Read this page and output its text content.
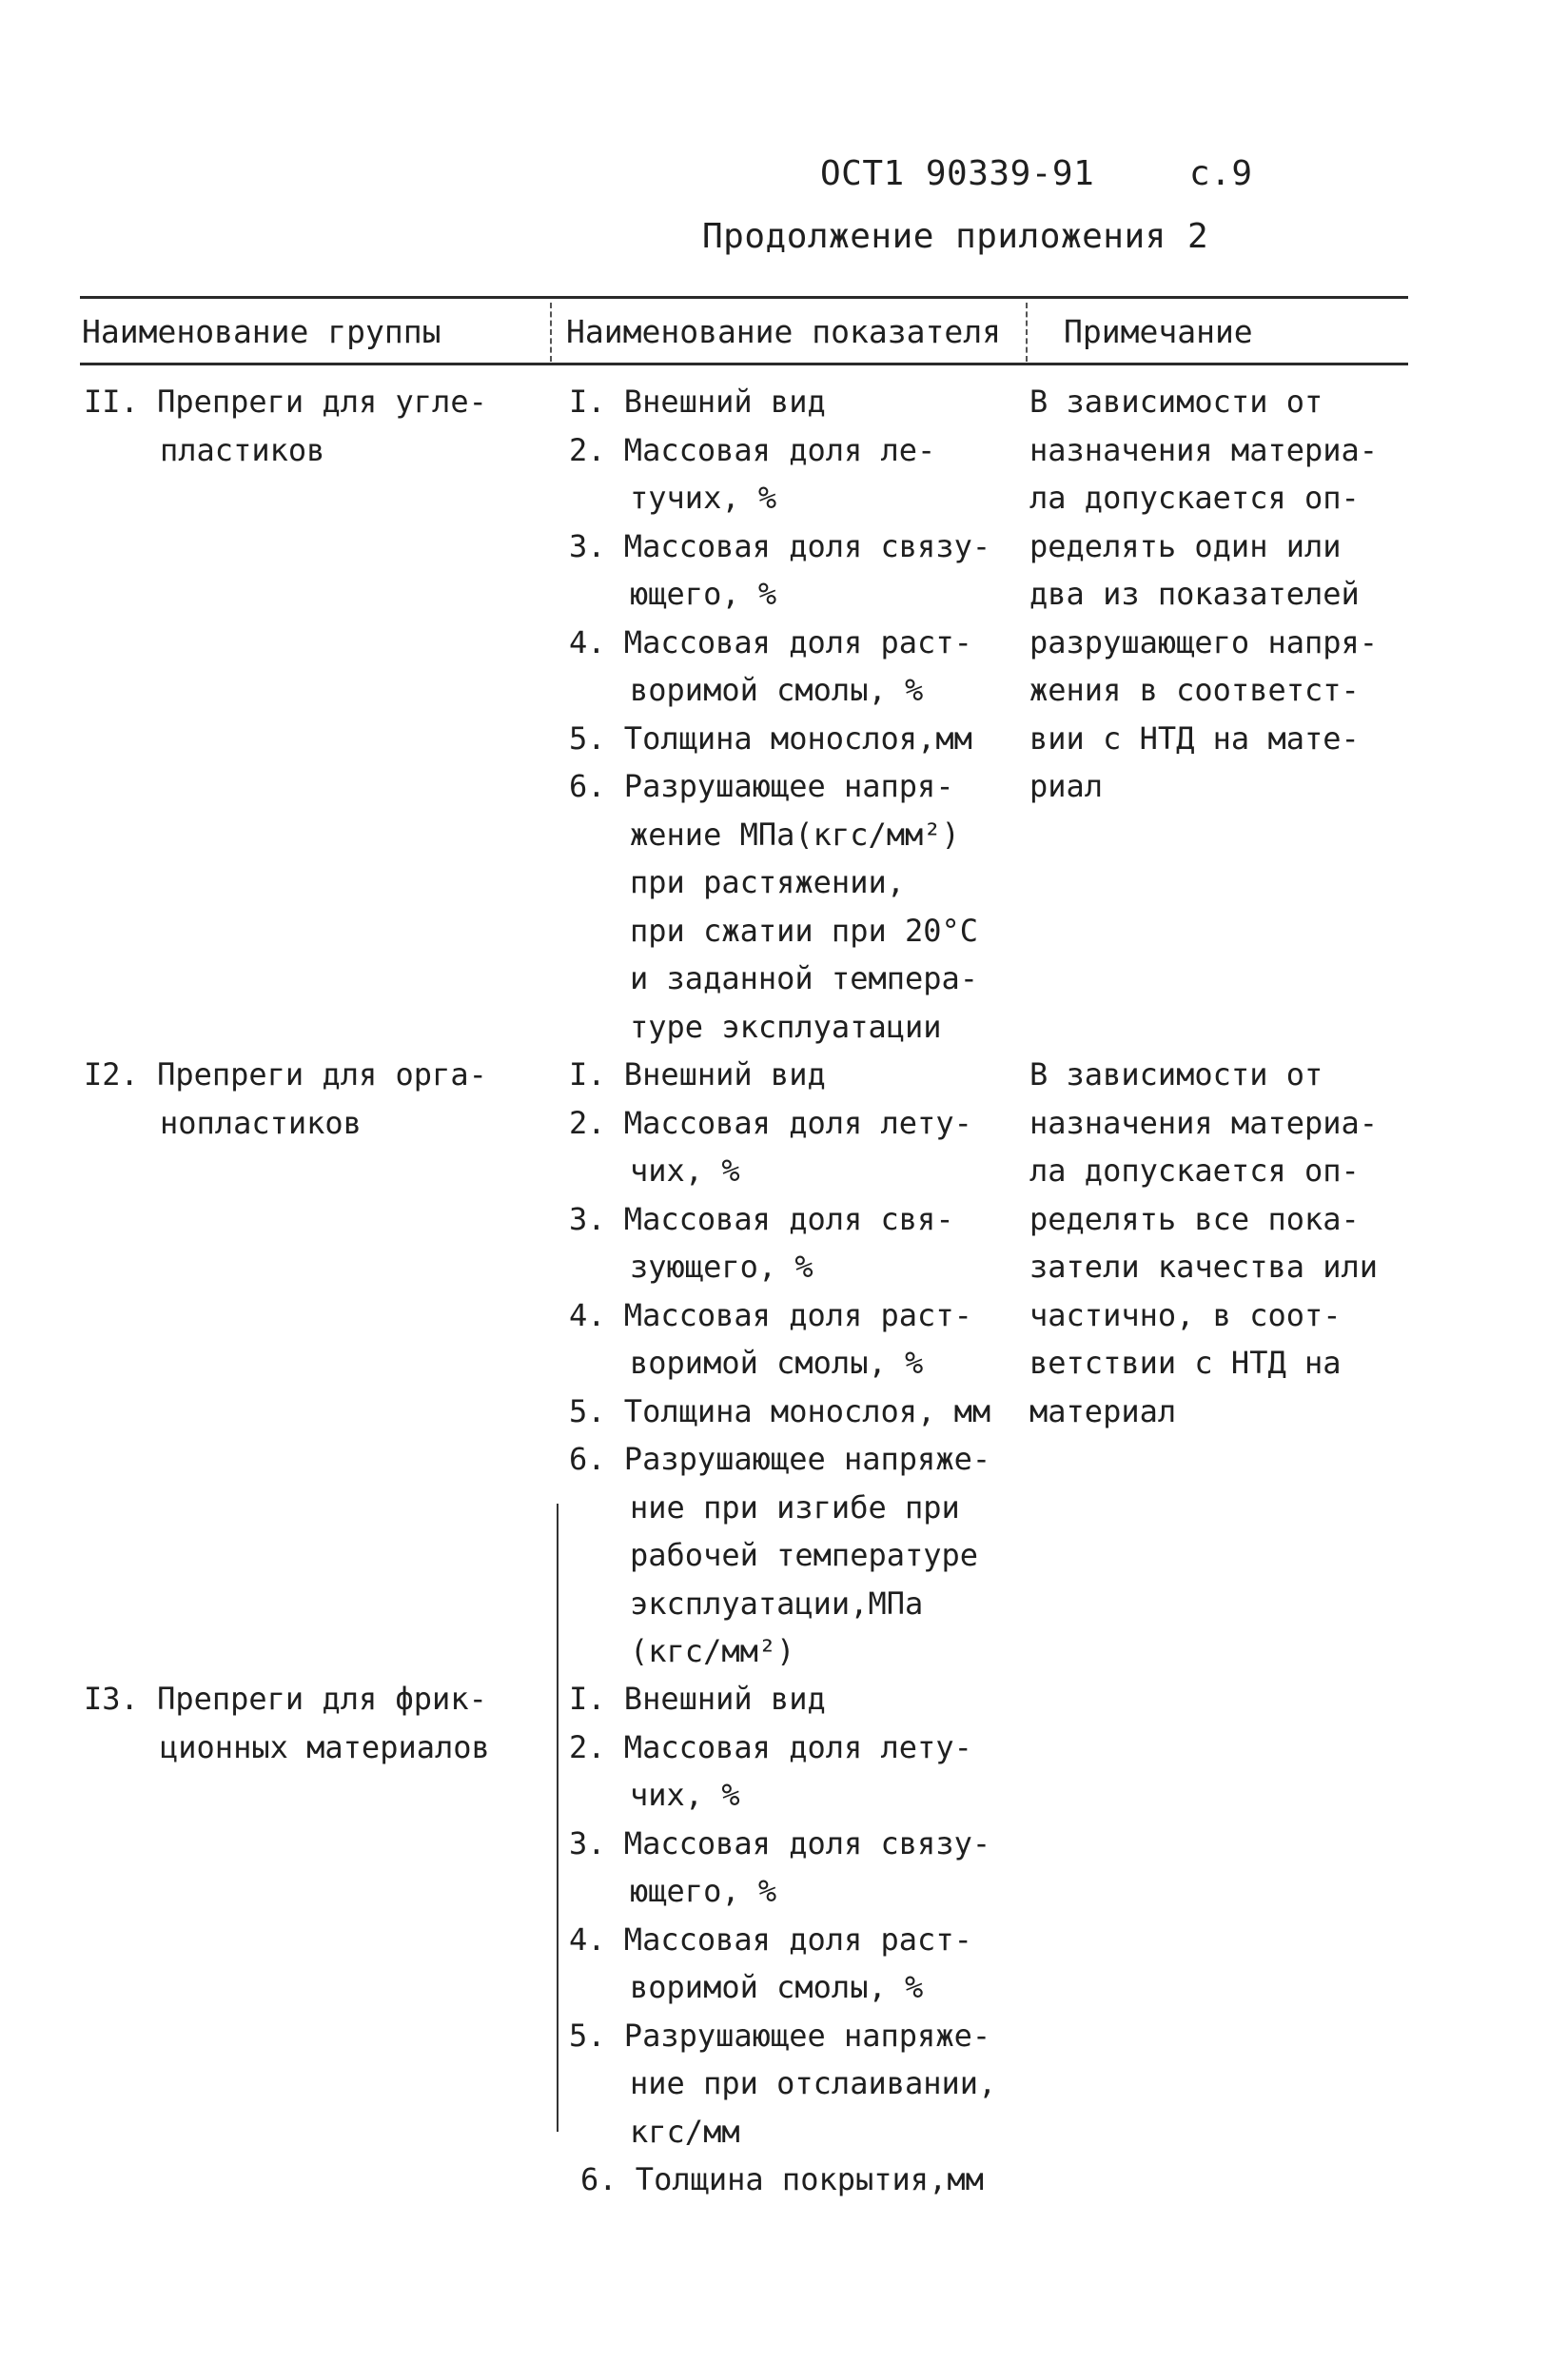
ОСТ1 90339-91	с.9
Продолжение приложения 2
Наименование группы	Наименование показателя Примечание
II. Препреги для угле-
пластиков
I. Внешний вид
2. Массовая доля ле-
тучих, %
3. Массовая доля связу-
ющего, %
4. Массовая доля раст-
воримой смолы, %
5. Толщина монослоя,мм
6. Разрушающее напря-
жение МПа(кгс/мм²)
при растяжении,
при сжатии при 20°С
и заданной темпера-
туре эксплуатации
В зависимости от
назначения материа-
ла допускается оп-
ределять один или
два из показателей
разрушающего напря-
жения в соответст-
вии с НТД на мате-
риал
I2. Препреги для орга-
нопластиков
I. Внешний вид
2. Массовая доля лету-
чих, %
3. Массовая доля свя-
зующего, %
4. Массовая доля раст-
воримой смолы, %
5. Толщина монослоя, мм
6. Разрушающее напряже-
ние при изгибе при
рабочей температуре
эксплуатации,МПа
(кгс/мм²)
В зависимости от
назначения материа-
ла допускается оп-
ределять все пока-
затели качества или
частично, в соот-
ветствии с НТД на
материал
I3. Препреги для фрик-
ционных материалов
I. Внешний вид
2. Массовая доля лету-
чих, %
3. Массовая доля связу-
ющего, %
4. Массовая доля раст-
воримой смолы, %
5. Разрушающее напряже-
ние при отслаивании,
кгс/мм
6. Толщина покрытия,мм
